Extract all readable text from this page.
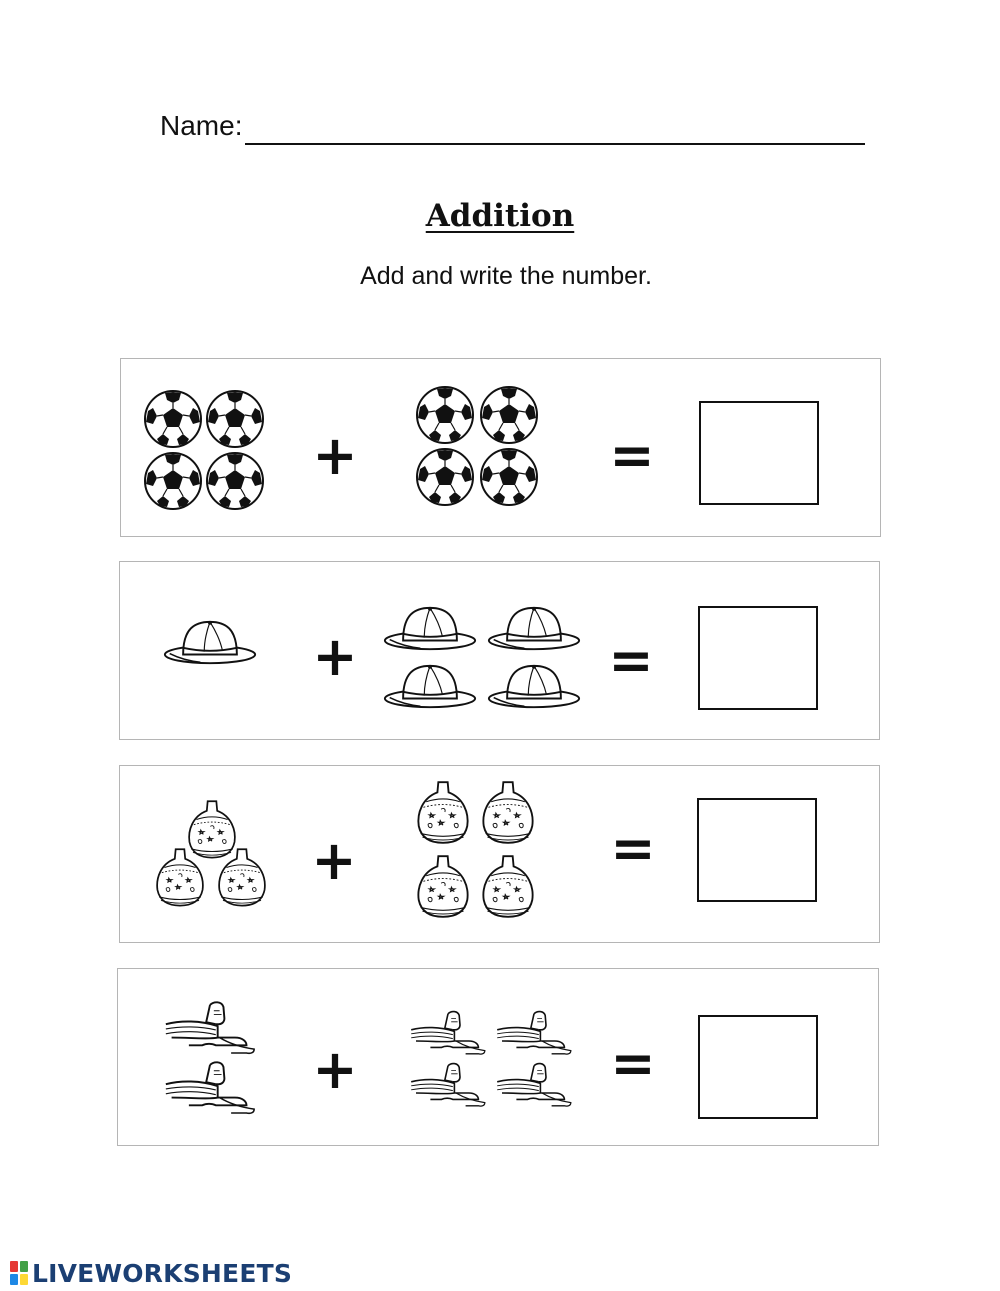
Name:
Addition
Add and write the number.
+	=
+	=
+	=
+	=
LIVEWORKSHEETS
